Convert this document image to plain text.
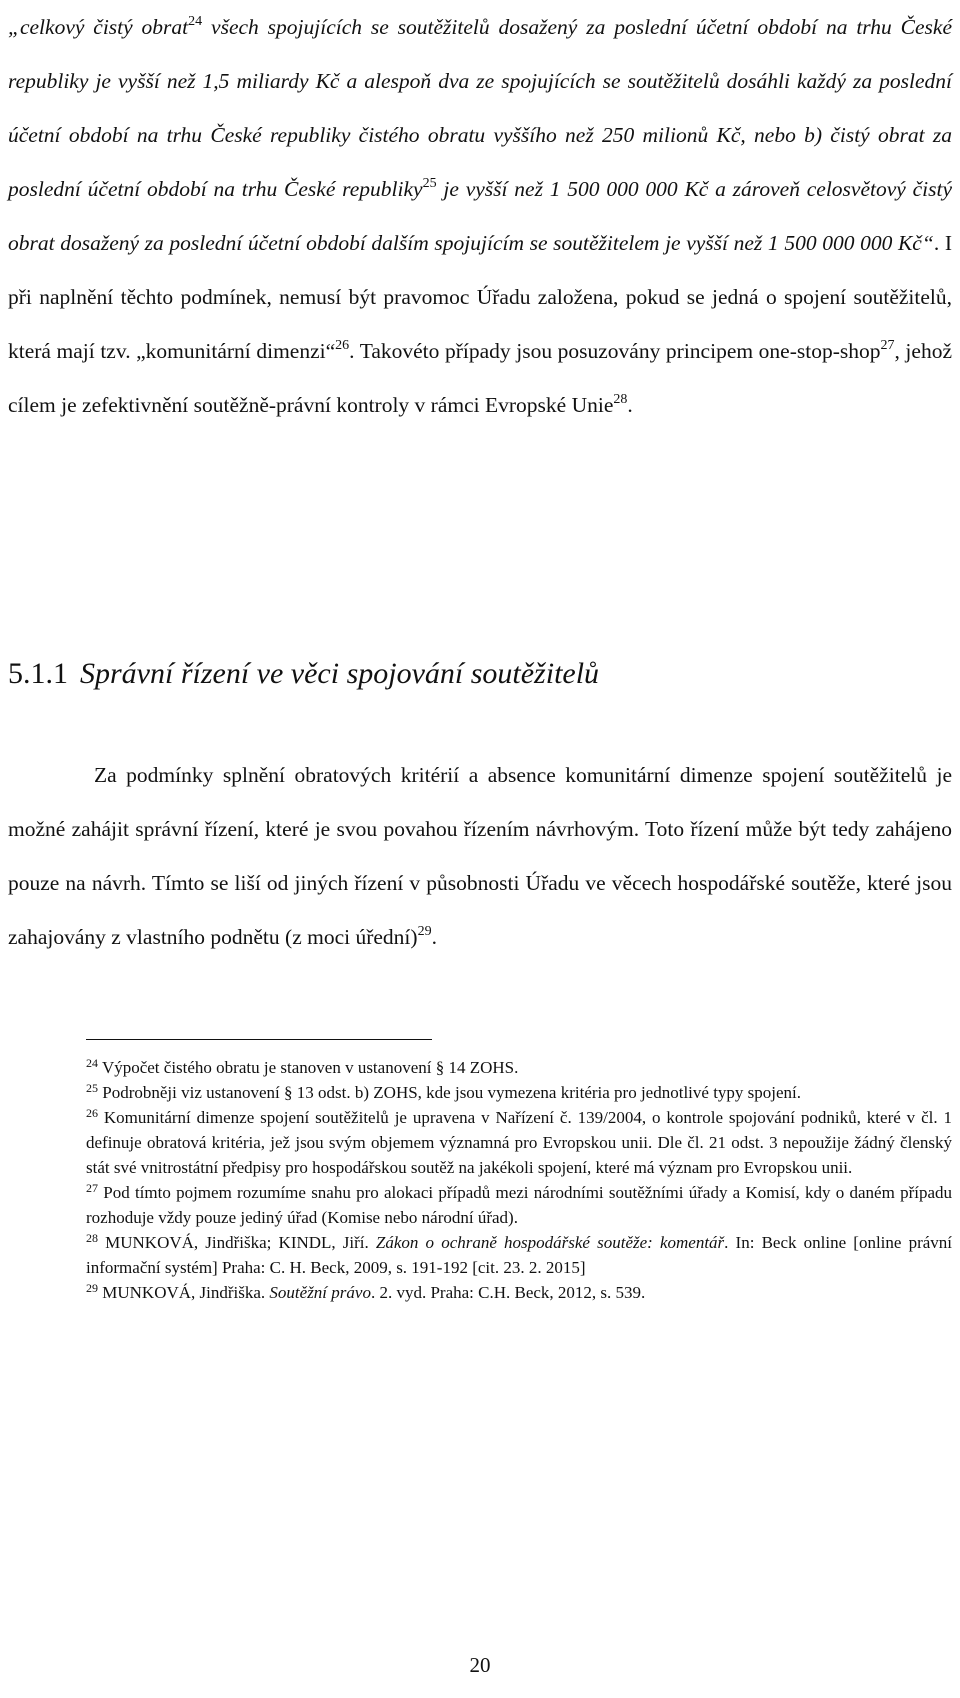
„celkový čistý obrat$^{24}$ všech spojujících se soutěžitelů dosažený za poslední účetní období na trhu České republiky je vyšší než 1,5 miliardy Kč a alespoň dva ze spojujících se soutěžitelů dosáhli každý za poslední účetní období na trhu České republiky čistého obratu vyššího než 250 milionů Kč, nebo b) čistý obrat za poslední účetní období na trhu České republiky$^{25}$ je vyšší než 1 500 000 000 Kč a zároveň celosvětový čistý obrat dosažený za poslední účetní období dalším spojujícím se soutěžitelem je vyšší než 1 500 000 000 Kč“. I při naplnění těchto podmínek, nemusí být pravomoc Úřadu založena, pokud se jedná o spojení soutěžitelů, která mají tzv. „komunitární dimenzi“$^{26}$. Takovéto případy jsou posuzovány principem one-stop-shop$^{27}$, jehož cílem je zefektivnění soutěžně-právní kontroly v rámci Evropské Unie$^{28}$.

5.1.1 Správní řízení ve věci spojování soutěžitelů

Za podmínky splnění obratových kritérií a absence komunitární dimenze spojení soutěžitelů je možné zahájit správní řízení, které je svou povahou řízením návrhovým. Toto řízení může být tedy zahájeno pouze na návrh. Tímto se liší od jiných řízení v působnosti Úřadu ve věcech hospodářské soutěže, které jsou zahajovány z vlastního podnětu (z moci úřední)$^{29}$.

$^{24}$ Výpočet čistého obratu je stanoven v ustanovení § 14 ZOHS.

$^{25}$ Podrobněji viz ustanovení § 13 odst. b) ZOHS, kde jsou vymezena kritéria pro jednotlivé typy spojení.

$^{26}$ Komunitární dimenze spojení soutěžitelů je upravena v Nařízení č. 139/2004, o kontrole spojování podniků, které v čl. 1 definuje obratová kritéria, jež jsou svým objemem významná pro Evropskou unii. Dle čl. 21 odst. 3 nepoužije žádný členský stát své vnitrostátní předpisy pro hospodářskou soutěž na jakékoli spojení, které má význam pro Evropskou unii.

$^{27}$ Pod tímto pojmem rozumíme snahu pro alokaci případů mezi národními soutěžními úřady a Komisí, kdy o daném případu rozhoduje vždy pouze jediný úřad (Komise nebo národní úřad).

$^{28}$ MUNKOVÁ, Jindřiška; KINDL, Jiří. Zákon o ochraně hospodářské soutěže: komentář. In: Beck online [online právní informační systém] Praha: C. H. Beck, 2009, s. 191-192 [cit. 23. 2. 2015]

$^{29}$ MUNKOVÁ, Jindřiška. Soutěžní právo. 2. vyd. Praha: C.H. Beck, 2012, s. 539.

20
